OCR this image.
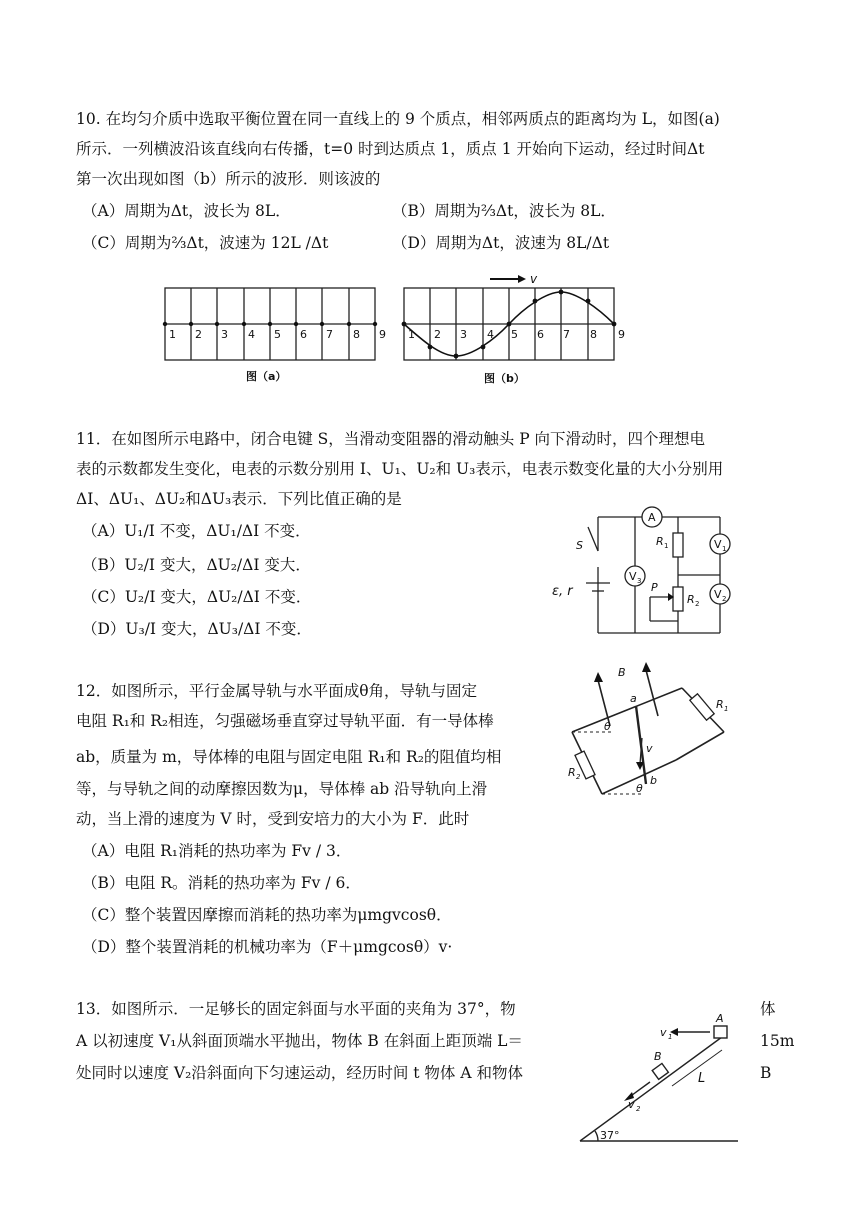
10. 在均匀介质中选取平衡位置在同一直线上的 9 个质点，相邻两质点的距离均为 L，如图(a)
所示．一列横波沿该直线向右传播，t=0 时到达质点 1，质点 1 开始向下运动，经过时间Δt
第一次出现如图（b）所示的波形．则该波的
（A）周期为Δt，波长为 8L．	（B）周期为⅔Δt，波长为 8L．
（C）周期为⅔Δt，波速为 12L /Δt	（D）周期为Δt，波速为 8L/Δt
1 2 3 4 5 6 7 8 9
图（a）
v
1 2 3 4 5 6 7 8 9
图（b）
11．在如图所示电路中，闭合电键 S，当滑动变阻器的滑动触头 P 向下滑动时，四个理想电
表的示数都发生变化，电表的示数分别用 I、U₁、U₂和 U₃表示，电表示数变化量的大小分别用
ΔI、ΔU₁、ΔU₂和ΔU₃表示．下列比值正确的是
（A）U₁/I 不变，ΔU₁/ΔI 不变．
（B）U₂/I 变大，ΔU₂/ΔI 变大．
（C）U₂/I 变大，ΔU₂/ΔI 不变．
（D）U₃/I 变大，ΔU₃/ΔI 不变．
A
V 3
V 1
V 2
R 1
R 2
S
P
ε, r
12．如图所示，平行金属导轨与水平面成θ角，导轨与固定
电阻 R₁和 R₂相连，匀强磁场垂直穿过导轨平面．有一导体棒
ab，质量为 m，导体棒的电阻与固定电阻 R₁和 R₂的阻值均相
等，与导轨之间的动摩擦因数为μ，导体棒 ab 沿导轨向上滑
动，当上滑的速度为 V 时，受到安培力的大小为 F．此时
（A）电阻 R₁消耗的热功率为 Fv / 3．
（B）电阻 R。消耗的热功率为 Fv / 6．
（C）整个装置因摩擦而消耗的热功率为μmgvcosθ．
（D）整个装置消耗的机械功率为（F＋μmgcosθ）v·
B
a
b
v
θ
θ
R 1
R 2
13．如图所示．一足够长的固定斜面与水平面的夹角为 37°，物	体
A 以初速度 V₁从斜面顶端水平抛出，物体 B 在斜面上距顶端 L＝	15m
处同时以速度 V₂沿斜面向下匀速运动，经历时间 t 物体 A 和物体	B
A
B
v 1
v 2
L
37°
